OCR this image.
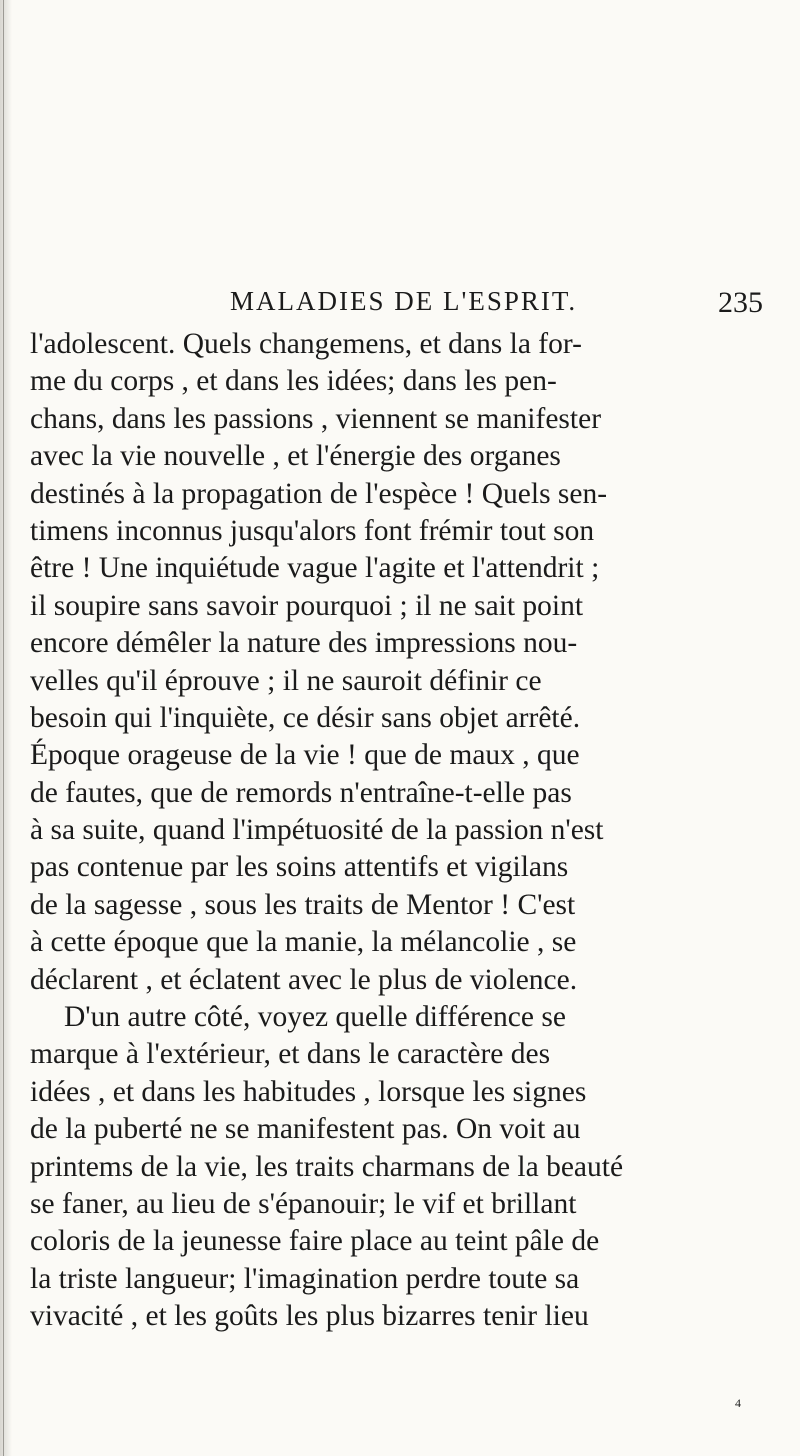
MALADIES DE L'ESPRIT.	235
l'adolescent. Quels changemens, et dans la for-
me du corps , et dans les idées; dans les pen-
chans, dans les passions , viennent se manifester
avec la vie nouvelle , et l'énergie des organes
destinés à la propagation de l'espèce ! Quels sen-
timens inconnus jusqu'alors font frémir tout son
être ! Une inquiétude vague l'agite et l'attendrit ;
il soupire sans savoir pourquoi ; il ne sait point
encore démêler la nature des impressions nou-
velles qu'il éprouve ; il ne sauroit définir ce
besoin qui l'inquiète, ce désir sans objet arrêté.
Époque orageuse de la vie ! que de maux , que
de fautes, que de remords n'entraîne-t-elle pas
à sa suite, quand l'impétuosité de la passion n'est
pas contenue par les soins attentifs et vigilans
de la sagesse , sous les traits de Mentor ! C'est
à cette époque que la manie, la mélancolie , se
déclarent , et éclatent avec le plus de violence.
D'un autre côté, voyez quelle différence se
marque à l'extérieur, et dans le caractère des
idées , et dans les habitudes , lorsque les signes
de la puberté ne se manifestent pas. On voit au
printems de la vie, les traits charmans de la beauté
se faner, au lieu de s'épanouir; le vif et brillant
coloris de la jeunesse faire place au teint pâle de
la triste langueur; l'imagination perdre toute sa
vivacité , et les goûts les plus bizarres tenir lieu
4
